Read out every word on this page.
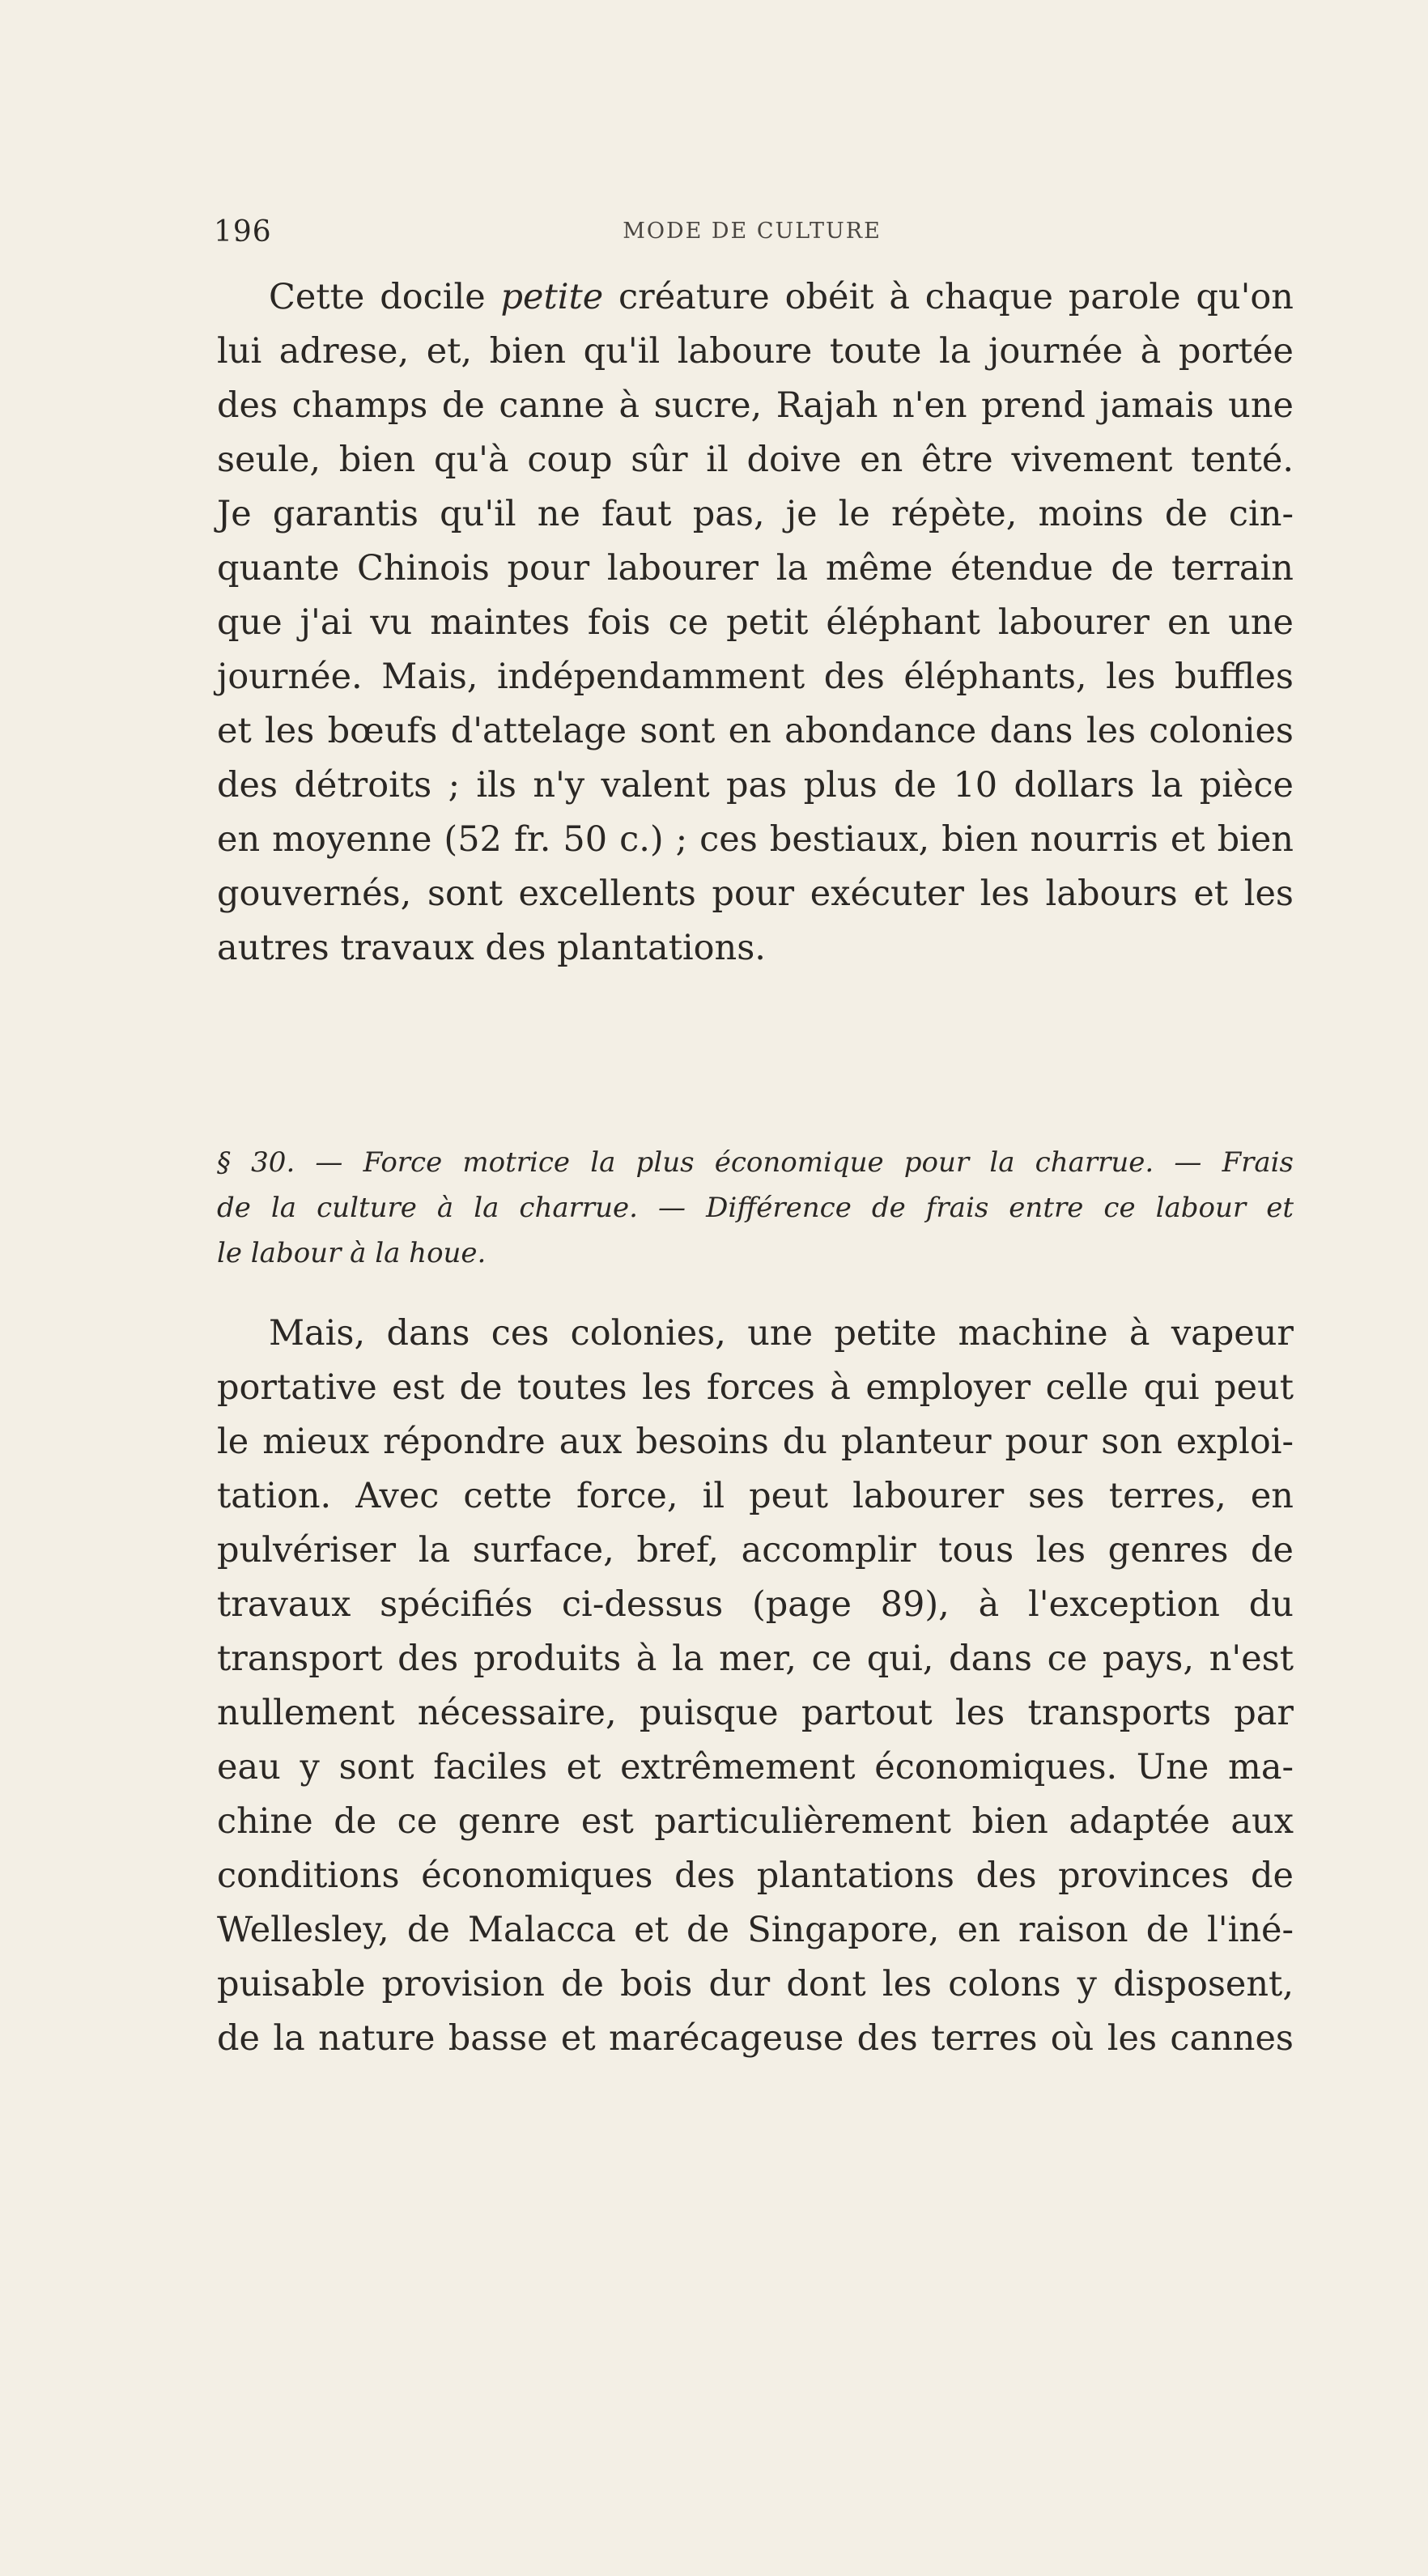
196	MODE DE CULTURE
Cette docile petite créature obéit à chaque parole qu'on
lui adrese, et, bien qu'il laboure toute la journée à portée
des champs de canne à sucre, Rajah n'en prend jamais une
seule, bien qu'à coup sûr il doive en être vivement tenté.
Je garantis qu'il ne faut pas, je le répète, moins de cin-
quante Chinois pour labourer la même étendue de terrain
que j'ai vu maintes fois ce petit éléphant labourer en une
journée. Mais, indépendamment des éléphants, les buffles
et les bœufs d'attelage sont en abondance dans les colonies
des détroits ; ils n'y valent pas plus de 10 dollars la pièce
en moyenne (52 fr. 50 c.) ; ces bestiaux, bien nourris et bien
gouvernés, sont excellents pour exécuter les labours et les
autres travaux des plantations.
§ 30. — Force motrice la plus économique pour la charrue. — Frais
de la culture à la charrue. — Différence de frais entre ce labour et
le labour à la houe.
Mais, dans ces colonies, une petite machine à vapeur
portative est de toutes les forces à employer celle qui peut
le mieux répondre aux besoins du planteur pour son exploi-
tation. Avec cette force, il peut labourer ses terres, en
pulvériser la surface, bref, accomplir tous les genres de
travaux spécifiés ci-dessus (page 89), à l'exception du
transport des produits à la mer, ce qui, dans ce pays, n'est
nullement nécessaire, puisque partout les transports par
eau y sont faciles et extrêmement économiques. Une ma-
chine de ce genre est particulièrement bien adaptée aux
conditions économiques des plantations des provinces de
Wellesley, de Malacca et de Singapore, en raison de l'iné-
puisable provision de bois dur dont les colons y disposent,
de la nature basse et marécageuse des terres où les cannes
